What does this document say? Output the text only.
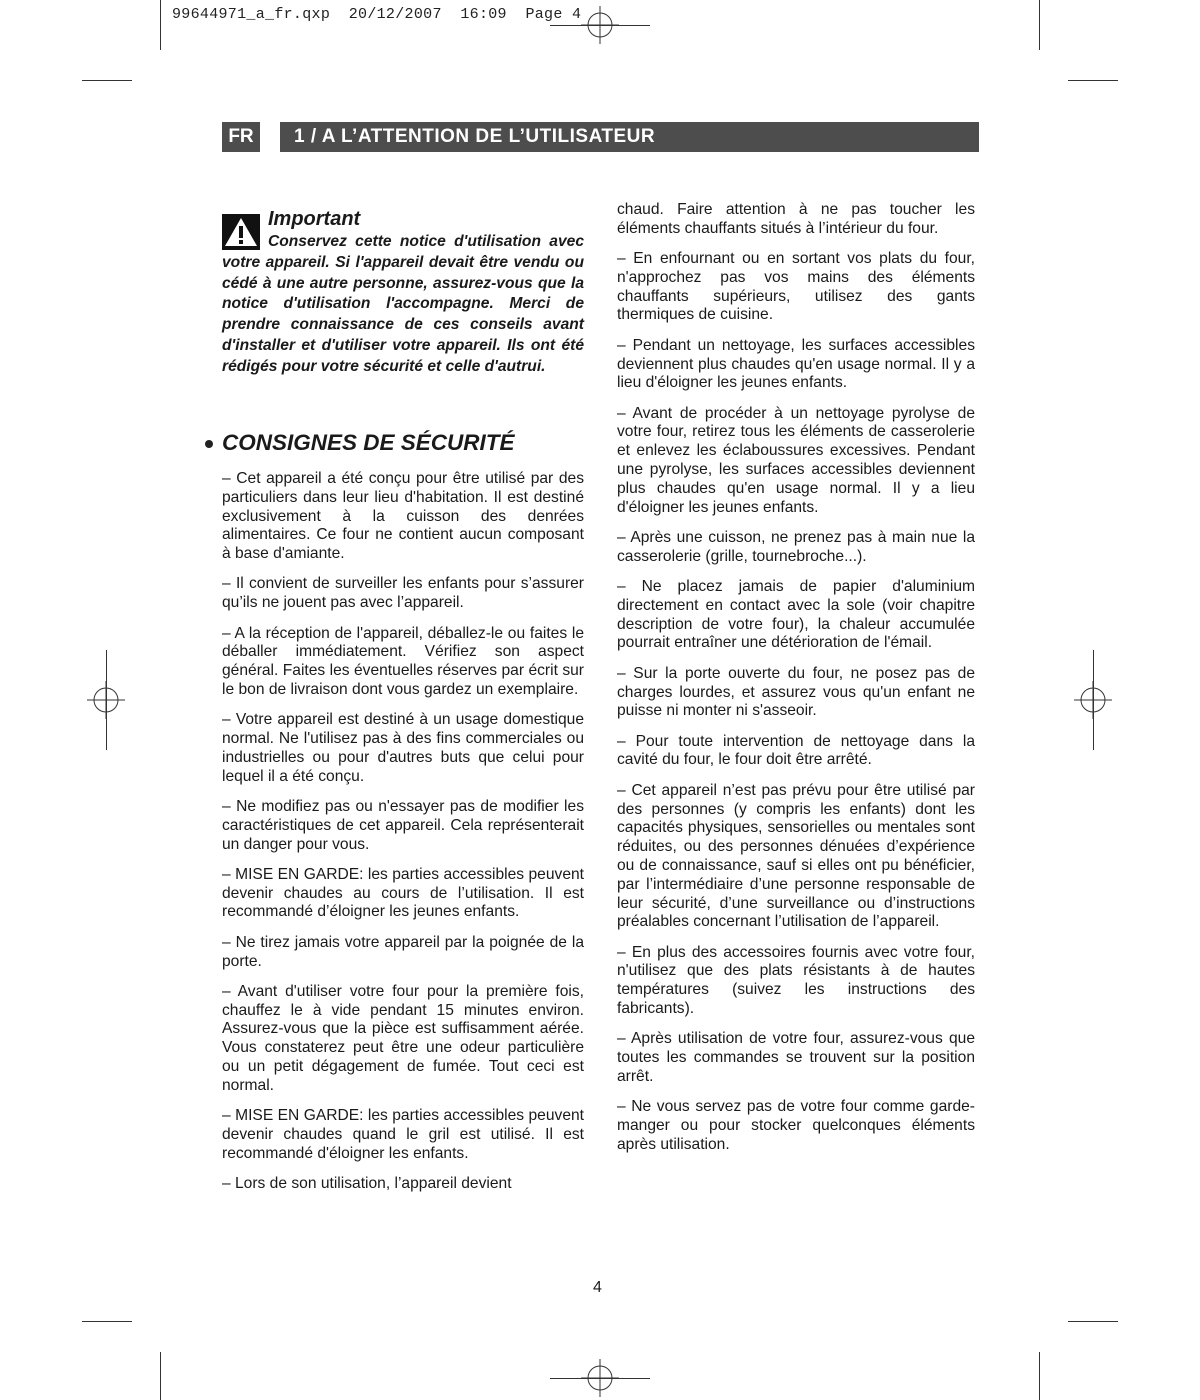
99644971_a_fr.qxp  20/12/2007  16:09  Page 4
FR	1 / A L’ATTENTION DE L’UTILISATEUR
Important
Conservez cette notice d'utilisation avec votre appareil. Si l'appareil devait être vendu ou cédé à une autre personne, assurez-vous que la notice d'utilisation l'accompagne. Merci de prendre connaissance de ces conseils avant d'installer et d'utiliser votre appareil. Ils ont été rédigés pour votre sécurité et celle d'autrui.
CONSIGNES DE SÉCURITÉ

– Cet appareil a été conçu pour être utilisé par des particuliers dans leur lieu d'habitation. Il est destiné exclusivement à la cuisson des denrées alimentaires. Ce four ne contient aucun composant à base d'amiante.

– Il convient de surveiller les enfants pour s’assurer qu’ils ne jouent pas avec l’appareil.

– A la réception de l'appareil, déballez-le ou faites le déballer immédiatement. Vérifiez son aspect général. Faites les éventuelles réserves par écrit sur le bon de livraison dont vous gardez un exemplaire.

– Votre appareil est destiné à un usage domestique normal. Ne l'utilisez pas à des fins commerciales ou industrielles ou pour d'autres buts que celui pour lequel il a été conçu.

– Ne modifiez pas ou n'essayer pas de modifier les caractéristiques de cet appareil. Cela représenterait un danger pour vous.

– MISE EN GARDE: les parties accessibles peuvent devenir chaudes au cours de l’utilisation. Il est recommandé d’éloigner les jeunes enfants.

– Ne tirez jamais votre appareil par la poignée de la porte.

– Avant d'utiliser votre four pour la première fois, chauffez le à vide pendant 15 minutes environ. Assurez-vous que la pièce est suffisamment aérée. Vous constaterez peut être une odeur particulière ou un petit dégagement de fumée. Tout ceci est normal.

– MISE EN GARDE: les parties accessibles peuvent devenir chaudes quand le gril est utilisé. Il est recommandé d'éloigner les enfants.

– Lors de son utilisation, l’appareil devient

chaud. Faire attention à ne pas toucher les éléments chauffants situés à l’intérieur du four.

– En enfournant ou en sortant vos plats du four, n'approchez pas vos mains des éléments chauffants supérieurs, utilisez des gants thermiques de cuisine.

– Pendant un nettoyage, les surfaces accessibles deviennent plus chaudes qu'en usage normal. Il y a lieu d'éloigner les jeunes enfants.

– Avant de procéder à un nettoyage pyrolyse de votre four, retirez tous les éléments de casserolerie et enlevez les éclaboussures excessives. Pendant une pyrolyse, les surfaces accessibles deviennent plus chaudes qu'en usage normal. Il y a lieu d'éloigner les jeunes enfants.

– Après une cuisson, ne prenez pas à main nue la casserolerie (grille, tournebroche...).

– Ne placez jamais de papier d'aluminium directement en contact avec la sole (voir chapitre description de votre four), la chaleur accumulée pourrait entraîner une détérioration de l'émail.

– Sur la porte ouverte du four, ne posez pas de charges lourdes, et assurez vous qu'un enfant ne puisse ni monter ni s'asseoir.

– Pour toute intervention de nettoyage dans la cavité du four, le four doit être arrêté.

– Cet appareil n’est pas prévu pour être utilisé par des personnes (y compris les enfants) dont les capacités physiques, sensorielles ou mentales sont réduites, ou des personnes dénuées d’expérience ou de connaissance, sauf si elles ont pu bénéficier, par l’intermédiaire d’une personne responsable de leur sécurité, d’une surveillance ou d’instructions préalables concernant l’utilisation de l’appareil.

– En plus des accessoires fournis avec votre four, n'utilisez que des plats résistants à de hautes températures (suivez les instructions des fabricants).

– Après utilisation de votre four, assurez-vous que toutes les commandes se trouvent sur la position arrêt.

– Ne vous servez pas de votre four comme garde-manger ou pour stocker quelconques éléments après utilisation.

4
